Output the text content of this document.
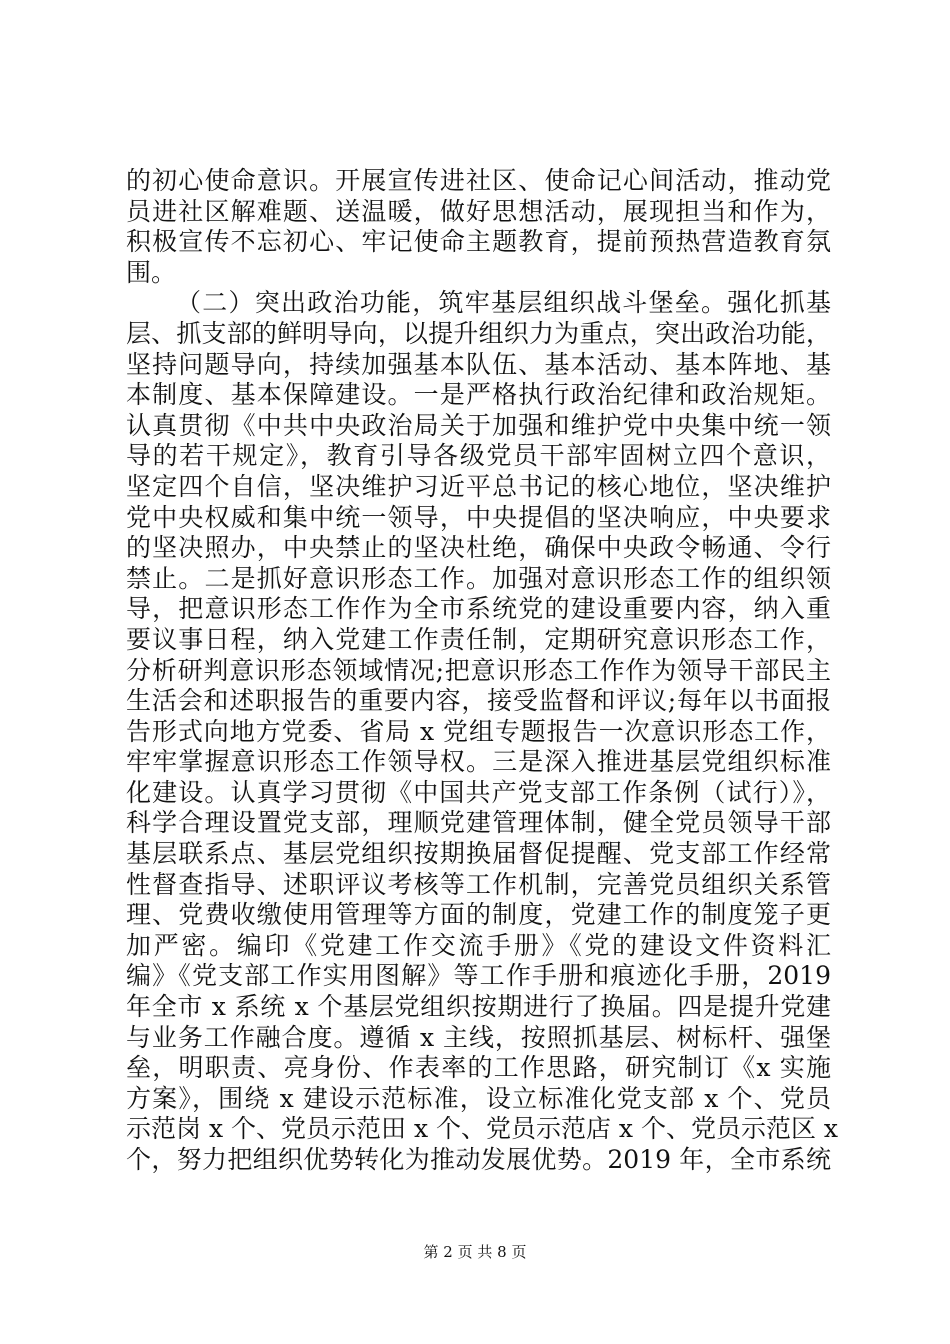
的初心使命意识。开展宣传进社区、使命记心间活动，推动党
员进社区解难题、送温暖，做好思想活动，展现担当和作为，
积极宣传不忘初心、牢记使命主题教育，提前预热营造教育氛
围。
（二）突出政治功能，筑牢基层组织战斗堡垒。强化抓基
层、抓支部的鲜明导向，以提升组织力为重点，突出政治功能，
坚持问题导向，持续加强基本队伍、基本活动、基本阵地、基
本制度、基本保障建设。一是严格执行政治纪律和政治规矩。
认真贯彻《中共中央政治局关于加强和维护党中央集中统一领
导的若干规定》，教育引导各级党员干部牢固树立四个意识，
坚定四个自信，坚决维护习近平总书记的核心地位，坚决维护
党中央权威和集中统一领导，中央提倡的坚决响应，中央要求
的坚决照办，中央禁止的坚决杜绝，确保中央政令畅通、令行
禁止。二是抓好意识形态工作。加强对意识形态工作的组织领
导，把意识形态工作作为全市系统党的建设重要内容，纳入重
要议事日程，纳入党建工作责任制，定期研究意识形态工作，
分析研判意识形态领域情况;把意识形态工作作为领导干部民主
生活会和述职报告的重要内容，接受监督和评议;每年以书面报
告形式向地方党委、省局 x 党组专题报告一次意识形态工作，
牢牢掌握意识形态工作领导权。三是深入推进基层党组织标准
化建设。认真学习贯彻《中国共产党支部工作条例（试行）》，
科学合理设置党支部，理顺党建管理体制，健全党员领导干部
基层联系点、基层党组织按期换届督促提醒、党支部工作经常
性督查指导、述职评议考核等工作机制，完善党员组织关系管
理、党费收缴使用管理等方面的制度，党建工作的制度笼子更
加严密。编印《党建工作交流手册》《党的建设文件资料汇
编》《党支部工作实用图解》等工作手册和痕迹化手册，2019
年全市 x 系统 x 个基层党组织按期进行了换届。四是提升党建
与业务工作融合度。遵循 x 主线，按照抓基层、树标杆、强堡
垒，明职责、亮身份、作表率的工作思路，研究制订《x 实施
方案》，围绕 x 建设示范标准，设立标准化党支部 x 个、党员
示范岗 x 个、党员示范田 x 个、党员示范店 x 个、党员示范区 x
个，努力把组织优势转化为推动发展优势。2019 年，全市系统
第 2 页 共 8 页
